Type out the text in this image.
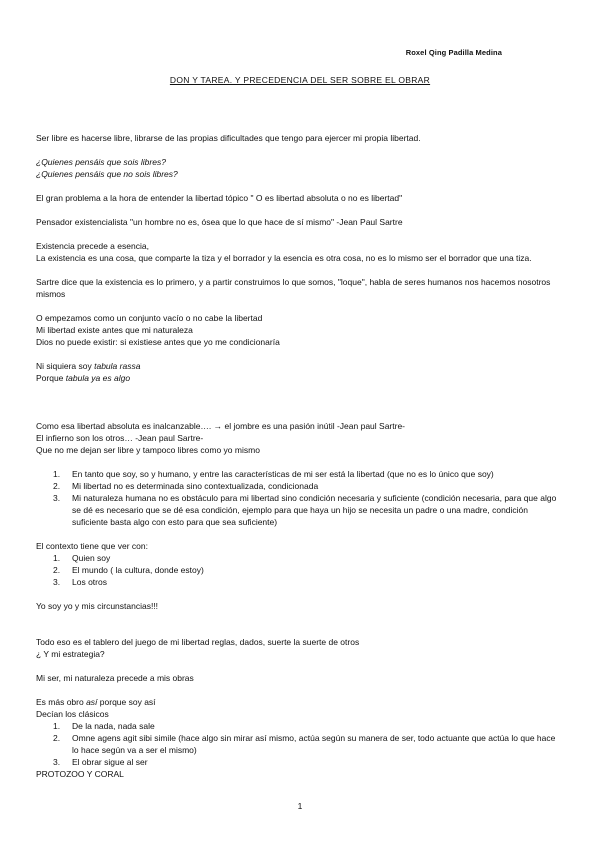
Roxel Qing Padilla Medina
DON Y TAREA. Y PRECEDENCIA DEL SER SOBRE EL OBRAR

Ser libre es hacerse libre, librarse de las propias dificultades que tengo para ejercer mi propia libertad.

¿Quienes pensáis que sois libres?

¿Quienes pensáis que no sois libres?

El gran problema a la hora de entender la libertad tópico " O es libertad absoluta o no es libertad"

Pensador existencialista "un hombre no es, ósea que lo que hace de sí mismo" -Jean Paul Sartre

Existencia precede a esencia,

La existencia es una cosa, que comparte la tiza y el borrador y la esencia es otra cosa, no es lo mismo ser el borrador que una tiza.

Sartre dice que la existencia es lo primero, y a partir construimos lo que somos, "loque", habla de seres humanos nos hacemos nosotros mismos

O empezamos como un conjunto vacío o no cabe la libertad

Mi libertad existe antes que mi naturaleza

Dios no puede existir: si existiese antes que yo me condicionaría

Ni siquiera soy tabula rassa

Porque tabula ya es algo

Como esa libertad absoluta es inalcanzable…. → el jombre es una pasión inútil -Jean paul Sartre-

El infierno son los otros… -Jean paul Sartre-

Que no me dejan ser libre y tampoco libres como yo mismo

1. En tanto que soy, so y humano, y entre las características de mi ser está la libertad (que no es lo único que soy)
2. Mi libertad no es determinada sino contextualizada, condicionada
3. Mi naturaleza humana no es obstáculo para mi libertad sino condición necesaria y suficiente (condición necesaria, para que algo se dé es necesario que se dé esa condición, ejemplo para que haya un hijo se necesita un padre o una madre, condición suficiente basta algo con esto para que sea suficiente)

El contexto tiene que ver con:

1. Quien soy
2. El mundo ( la cultura, donde estoy)
3. Los otros

Yo soy yo y mis circunstancias!!!

Todo eso es el tablero del juego de mi libertad reglas, dados, suerte la suerte de otros

¿ Y mi estrategia?

Mi ser, mi naturaleza precede a mis obras

Es más obro así porque soy así

Decían los clásicos

1. De la nada, nada sale
2. Omne agens agit sibi simile (hace algo sin mirar así mismo, actúa según su manera de ser, todo actuante que actúa lo que hace lo hace según va a ser el mismo)
3. El obrar sigue al ser

PROTOZOO Y CORAL

1
